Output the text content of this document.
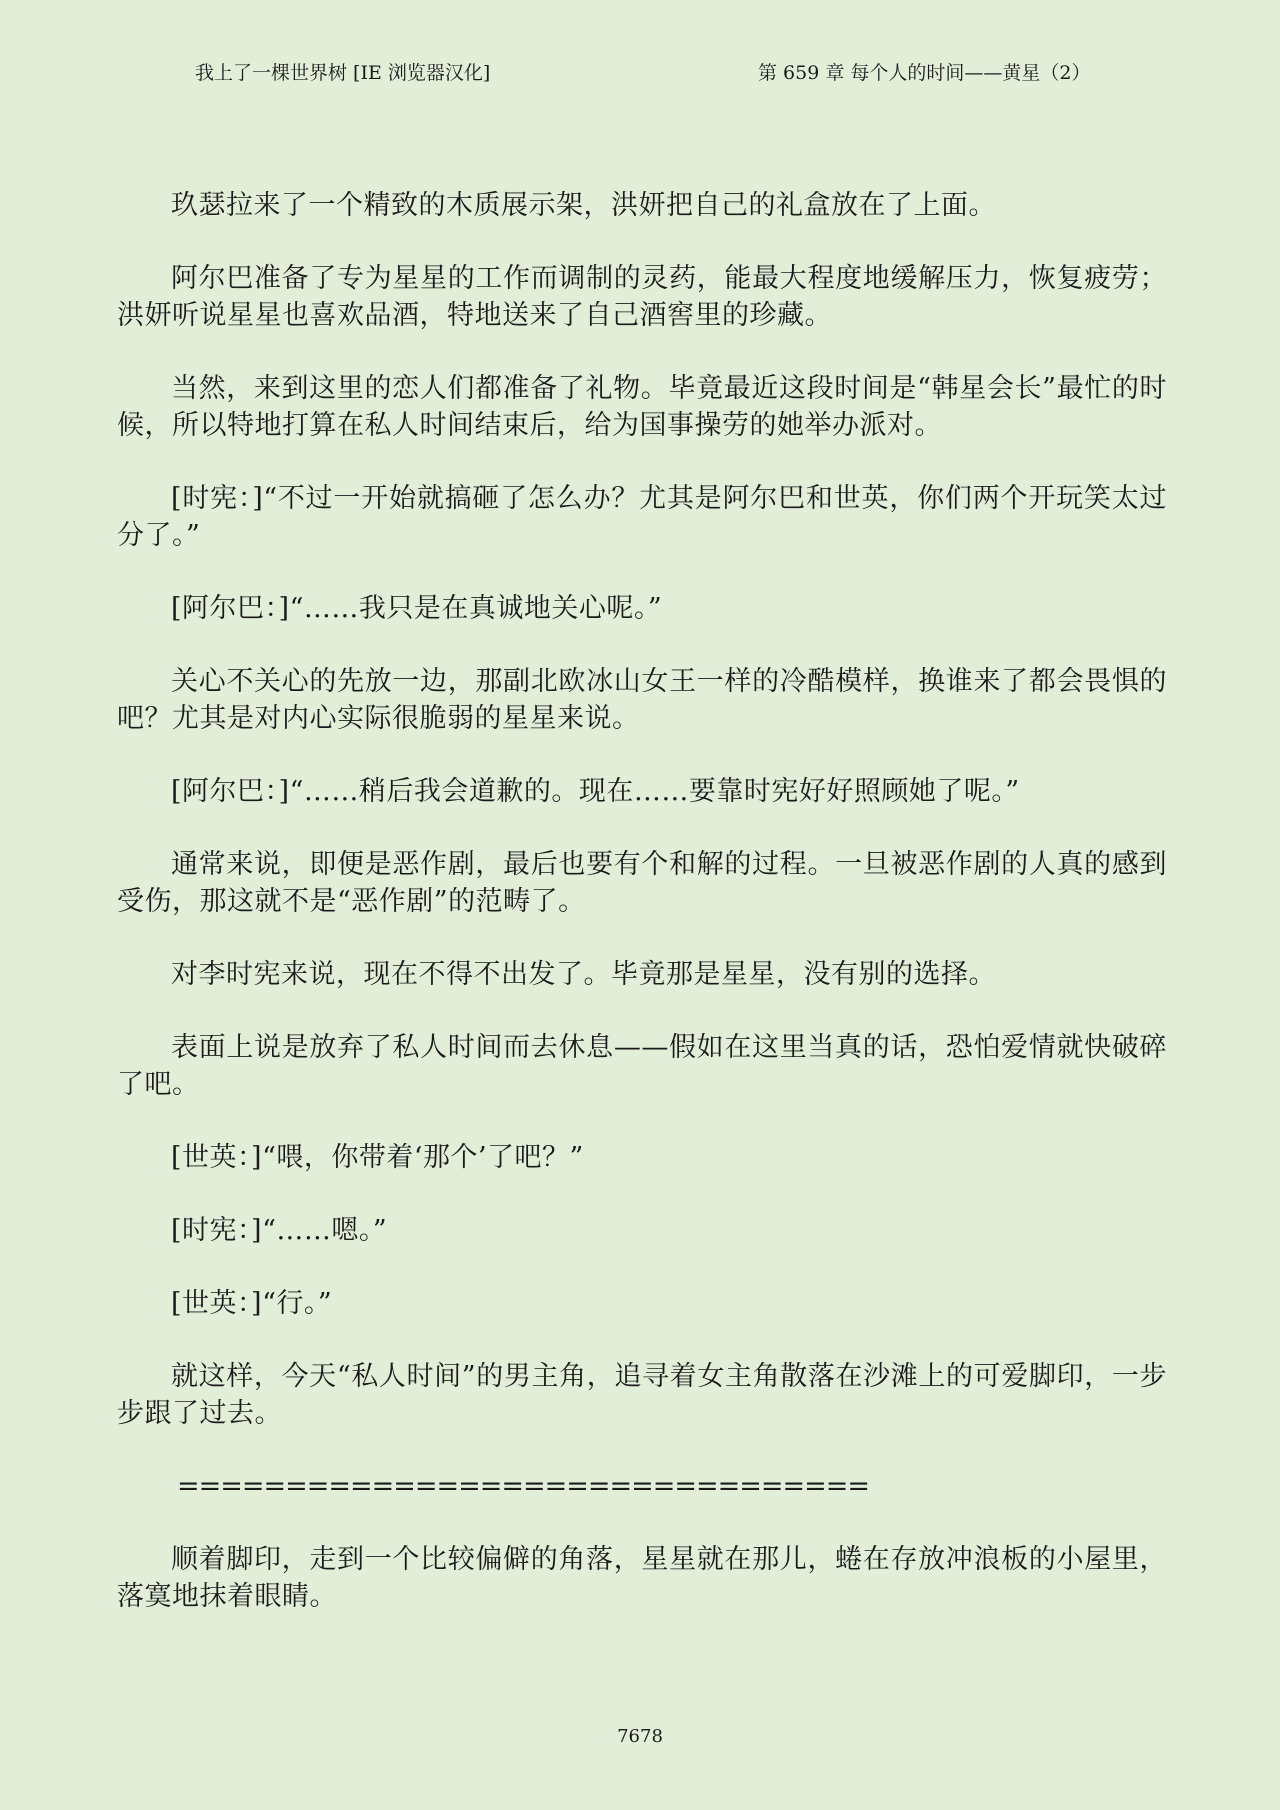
我上了一棵世界树 [IE 浏览器汉化]	第 659 章 每个人的时间——黄星（2）

玖瑟拉来了一个精致的木质展示架，洪妍把自己的礼盒放在了上面。

阿尔巴准备了专为星星的工作而调制的灵药，能最大程度地缓解压力，恢复疲劳；洪妍听说星星也喜欢品酒，特地送来了自己酒窖里的珍藏。

当然，来到这里的恋人们都准备了礼物。毕竟最近这段时间是“韩星会长”最忙的时候，所以特地打算在私人时间结束后，给为国事操劳的她举办派对。

[时宪：]“不过一开始就搞砸了怎么办？尤其是阿尔巴和世英，你们两个开玩笑太过分了。”

[阿尔巴：]“……我只是在真诚地关心呢。”

关心不关心的先放一边，那副北欧冰山女王一样的冷酷模样，换谁来了都会畏惧的吧？尤其是对内心实际很脆弱的星星来说。

[阿尔巴：]“……稍后我会道歉的。现在……要靠时宪好好照顾她了呢。”

通常来说，即便是恶作剧，最后也要有个和解的过程。一旦被恶作剧的人真的感到受伤，那这就不是“恶作剧”的范畴了。

对李时宪来说，现在不得不出发了。毕竟那是星星，没有别的选择。

表面上说是放弃了私人时间而去休息——假如在这里当真的话，恐怕爱情就快破碎了吧。

[世英：]“喂，你带着‘那个’了吧？”

[时宪：]“……嗯。”

[世英：]“行。”

就这样，今天“私人时间”的男主角，追寻着女主角散落在沙滩上的可爱脚印，一步步跟了过去。

================================

顺着脚印，走到一个比较偏僻的角落，星星就在那儿，蜷在存放冲浪板的小屋里，落寞地抹着眼睛。

7678
